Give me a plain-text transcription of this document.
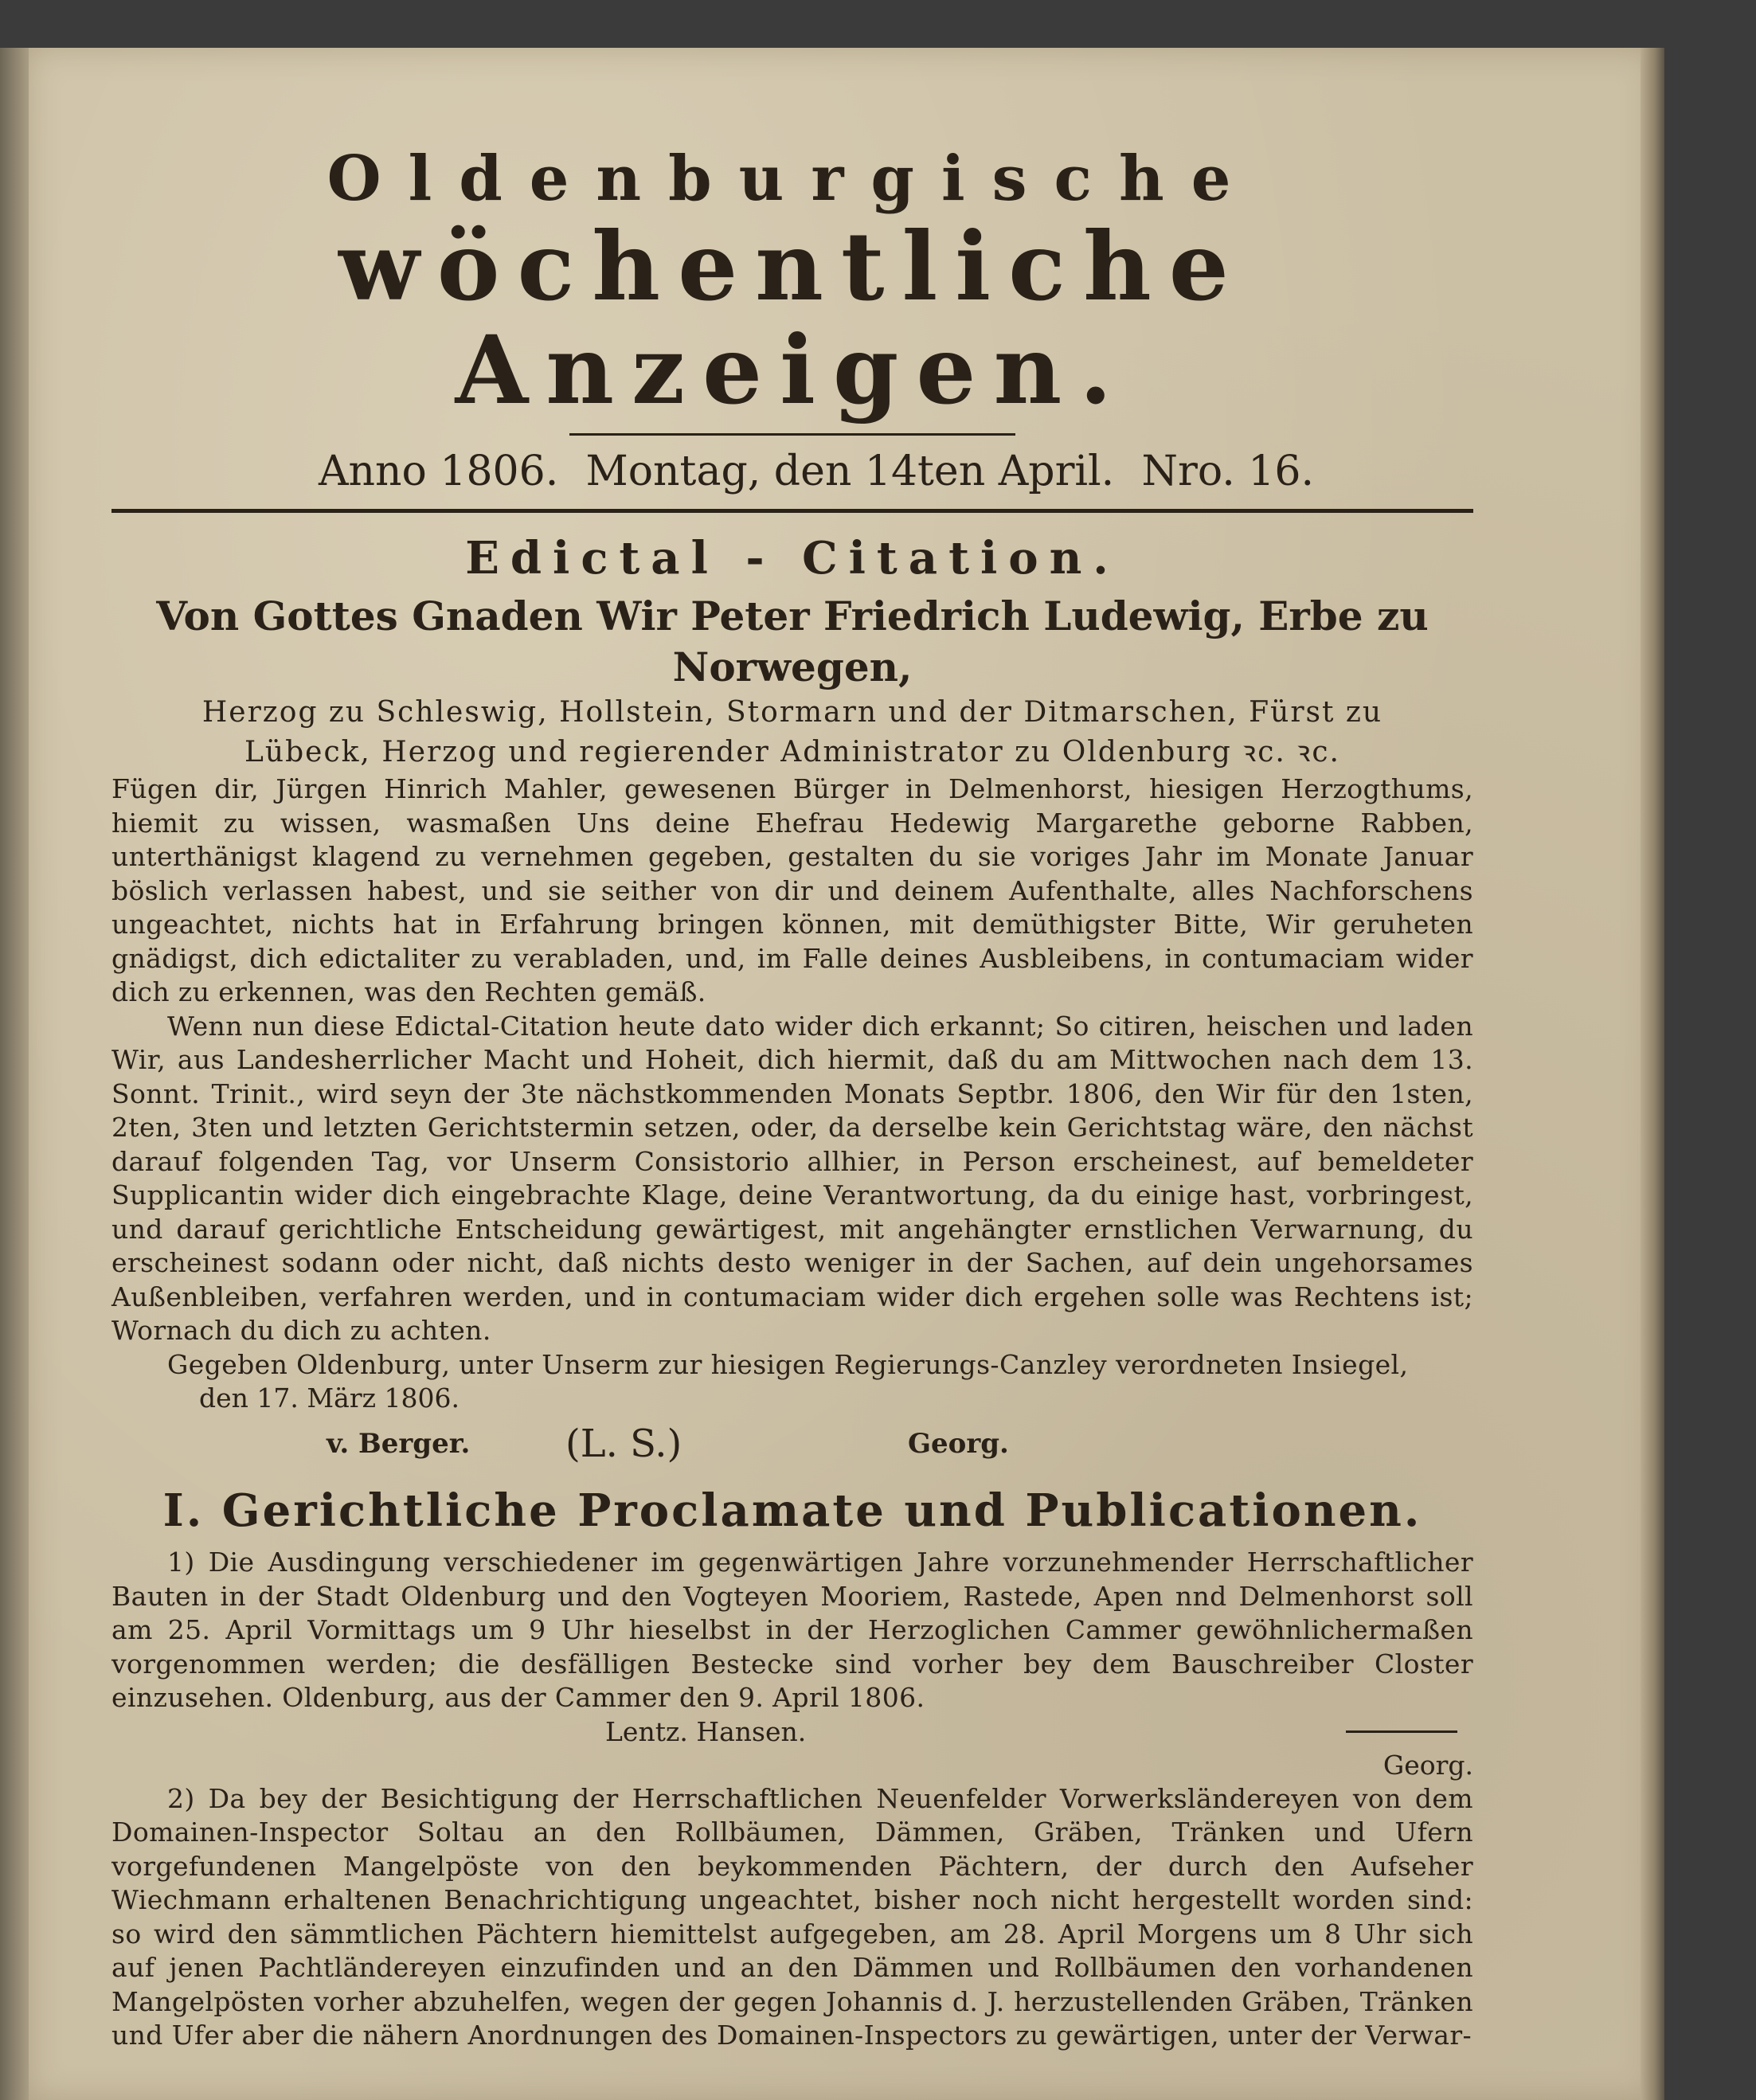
Oldenburgische
wöchentliche Anzeigen.
Anno 1806. Montag, den 14ten April. Nro. 16.
Edictal - Citation.

Von Gottes Gnaden Wir Peter Friedrich Ludewig, Erbe zu Norwegen,

Herzog zu Schleswig, Hollstein, Stormarn und der Ditmarschen, Fürst zu

Lübeck, Herzog und regierender Administrator zu Oldenburg ꝛc. ꝛc.

Fügen dir, Jürgen Hinrich Mahler, gewesenen Bürger in Delmenhorst, hiesigen Herzogthums, hiemit zu wissen, wasmaßen Uns deine Ehefrau Hedewig Margarethe geborne Rabben, unterthänigst klagend zu vernehmen gegeben, gestalten du sie voriges Jahr im Monate Januar böslich verlassen habest, und sie seither von dir und deinem Aufenthalte, alles Nachforschens ungeachtet, nichts hat in Erfahrung bringen können, mit demüthigster Bitte, Wir geruheten gnädigst, dich edictaliter zu verabladen, und, im Falle deines Ausbleibens, in contumaciam wider dich zu erkennen, was den Rechten gemäß.

Wenn nun diese Edictal-Citation heute dato wider dich erkannt; So citiren, heischen und laden Wir, aus Landesherrlicher Macht und Hoheit, dich hiermit, daß du am Mittwochen nach dem 13. Sonnt. Trinit., wird seyn der 3te nächstkommenden Monats Septbr. 1806, den Wir für den 1sten, 2ten, 3ten und letzten Gerichtstermin setzen, oder, da derselbe kein Gerichtstag wäre, den nächst darauf folgenden Tag, vor Unserm Consistorio allhier, in Person erscheinest, auf bemeldeter Supplicantin wider dich eingebrachte Klage, deine Verantwortung, da du einige hast, vorbringest, und darauf gerichtliche Entscheidung gewärtigest, mit angehängter ernstlichen Verwarnung, du erscheinest sodann oder nicht, daß nichts desto weniger in der Sachen, auf dein ungehorsames Außenbleiben, verfahren werden, und in contumaciam wider dich ergehen solle was Rechtens ist; Wornach du dich zu achten.

Gegeben Oldenburg, unter Unserm zur hiesigen Regierungs-Canzley verordneten Insiegel,

den 17. März 1806.

v. Berger.	(L. S.)	Georg.
I. Gerichtliche Proclamate und Publicationen.

1) Die Ausdingung verschiedener im gegenwärtigen Jahre vorzunehmender Herrschaftlicher Bauten in der Stadt Oldenburg und den Vogteyen Mooriem, Rastede, Apen nnd Delmenhorst soll am 25. April Vormittags um 9 Uhr hieselbst in der Herzoglichen Cammer gewöhnlichermaßen vorgenommen werden; die desfälligen Bestecke sind vorher bey dem Bauschreiber Closter einzusehen. Oldenburg, aus der Cammer den 9. April 1806.

Lentz. Hansen.

Georg.

2) Da bey der Besichtigung der Herrschaftlichen Neuenfelder Vorwerksländereyen von dem Domainen-Inspector Soltau an den Rollbäumen, Dämmen, Gräben, Tränken und Ufern vorgefundenen Mangelpöste von den beykommenden Pächtern, der durch den Aufseher Wiechmann erhaltenen Benachrichtigung ungeachtet, bisher noch nicht hergestellt worden sind: so wird den sämmtlichen Pächtern hiemittelst aufgegeben, am 28. April Morgens um 8 Uhr sich auf jenen Pachtländereyen einzufinden und an den Dämmen und Rollbäumen den vorhandenen Mangelpösten vorher abzuhelfen, wegen der gegen Johannis d. J. herzustellenden Gräben, Tränken und Ufer aber die nähern Anordnungen des Domainen-Inspectors zu gewärtigen, unter der Verwar-
